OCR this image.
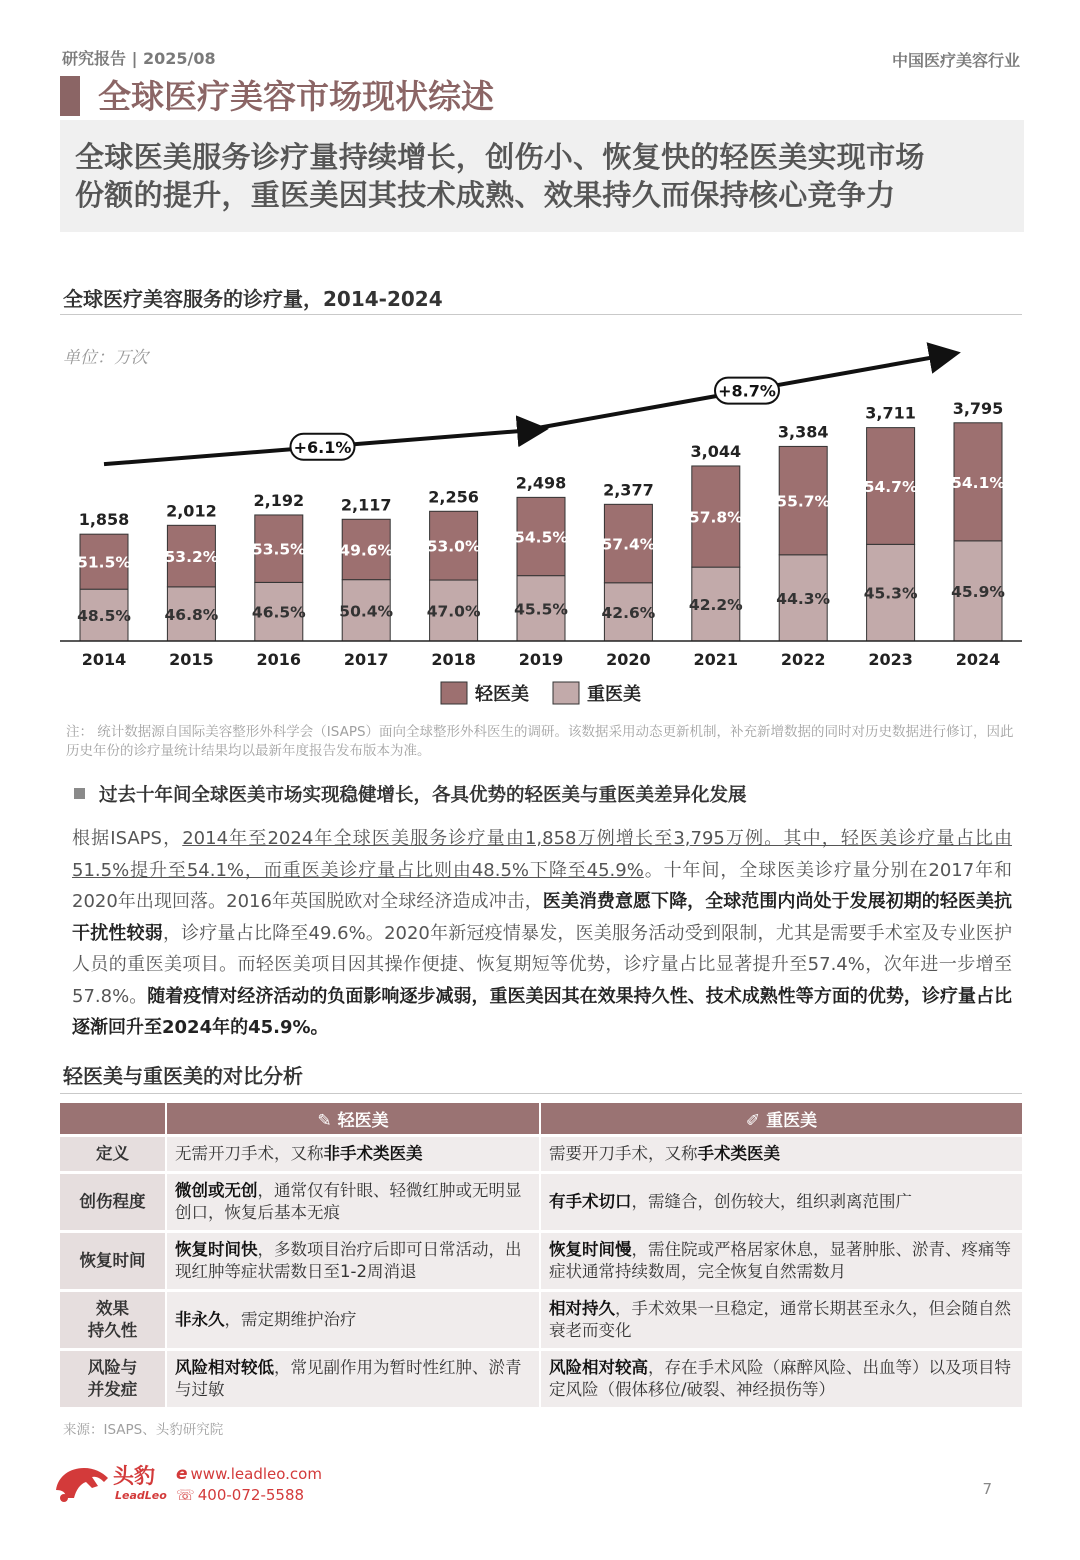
研究报告 | 2025/08	中国医疗美容行业
全球医疗美容市场现状综述
全球医美服务诊疗量持续增长，创伤小、恢复快的轻医美实现市场
份额的提升，重医美因其技术成熟、效果持久而保持核心竞争力
全球医疗美容服务的诊疗量，2014-2024
单位：万次
+6.1%
+8.7%
51.5%
48.5%
1,858
53.2%
46.8%
2,012
53.5%
46.5%
2,192
49.6%
50.4%
2,117
53.0%
47.0%
2,256
54.5%
45.5%
2,498
57.4%
42.6%
2,377
57.8%
42.2%
3,044
55.7%
44.3%
3,384
54.7%
45.3%
3,711
54.1%
45.9%
3,795
2014	2015	2016	2017	2018	2019	2020	2021	2022	2023	2024
轻医美	重医美
注： 统计数据源自国际美容整形外科学会（ISAPS）面向全球整形外科医生的调研。该数据采用动态更新机制，补充新增数据的同时对历史数据进行修订，因此历史年份的诊疗量统计结果均以最新年度报告发布版本为准。
过去十年间全球医美市场实现稳健增长，各具优势的轻医美与重医美差异化发展
根据ISAPS，2014年至2024年全球医美服务诊疗量由1,858万例增长至3,795万例。其中，轻医美诊疗量占比由51.5%提升至54.1%，而重医美诊疗量占比则由48.5%下降至45.9%。十年间，全球医美诊疗量分别在2017年和2020年出现回落。2016年英国脱欧对全球经济造成冲击，医美消费意愿下降，全球范围内尚处于发展初期的轻医美抗干扰性较弱，诊疗量占比降至49.6%。2020年新冠疫情暴发，医美服务活动受到限制，尤其是需要手术室及专业医护人员的重医美项目。而轻医美项目因其操作便捷、恢复期短等优势，诊疗量占比显著提升至57.4%，次年进一步增至57.8%。随着疫情对经济活动的负面影响逐步减弱，重医美因其在效果持久性、技术成熟性等方面的优势，诊疗量占比逐渐回升至2024年的45.9%。
轻医美与重医美的对比分析
	✎ 轻医美	✐ 重医美
定义	无需开刀手术，又称非手术类医美	需要开刀手术，又称手术类医美
创伤程度	微创或无创，通常仅有针眼、轻微红肿或无明显创口，恢复后基本无痕	有手术切口，需缝合，创伤较大，组织剥离范围广
恢复时间	恢复时间快，多数项目治疗后即可日常活动，出现红肿等症状需数日至1-2周消退	恢复时间慢，需住院或严格居家休息，显著肿胀、淤青、疼痛等症状通常持续数周，完全恢复自然需数月
效果
持久性	非永久，需定期维护治疗	相对持久，手术效果一旦稳定，通常长期甚至永久，但会随自然衰老而变化
风险与
并发症	风险相对较低，常见副作用为暂时性红肿、淤青与过敏	风险相对较高，存在手术风险（麻醉风险、出血等）以及项目特定风险（假体移位/破裂、神经损伤等）
来源：ISAPS、头豹研究院
头豹
LeadLeo
e www.leadleo.com
☏ 400-072-5588	7
